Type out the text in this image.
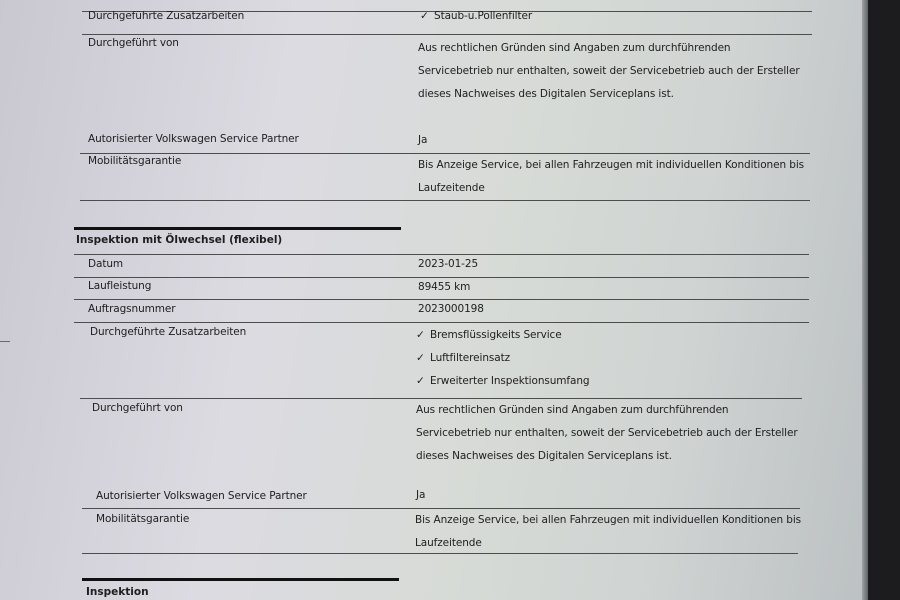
Durchgeführte Zusatzarbeiten	✓ Staub-u.Pollenfilter
Durchgeführt von	Aus rechtlichen Gründen sind Angaben zum durchführenden
Servicebetrieb nur enthalten, soweit der Servicebetrieb auch der Ersteller
dieses Nachweises des Digitalen Serviceplans ist.
Autorisierter Volkswagen Service Partner	Ja
Mobilitätsgarantie	Bis Anzeige Service, bei allen Fahrzeugen mit individuellen Konditionen bis
Laufzeitende
Inspektion mit Ölwechsel (flexibel)
Datum	2023-01-25
Laufleistung	89455 km
Auftragsnummer	2023000198
Durchgeführte Zusatzarbeiten	✓ Bremsflüssigkeits Service
✓ Luftfiltereinsatz
✓ Erweiterter Inspektionsumfang
Durchgeführt von	Aus rechtlichen Gründen sind Angaben zum durchführenden
Servicebetrieb nur enthalten, soweit der Servicebetrieb auch der Ersteller
dieses Nachweises des Digitalen Serviceplans ist.
Autorisierter Volkswagen Service Partner	Ja
Mobilitätsgarantie	Bis Anzeige Service, bei allen Fahrzeugen mit individuellen Konditionen bis
Laufzeitende
Inspektion
